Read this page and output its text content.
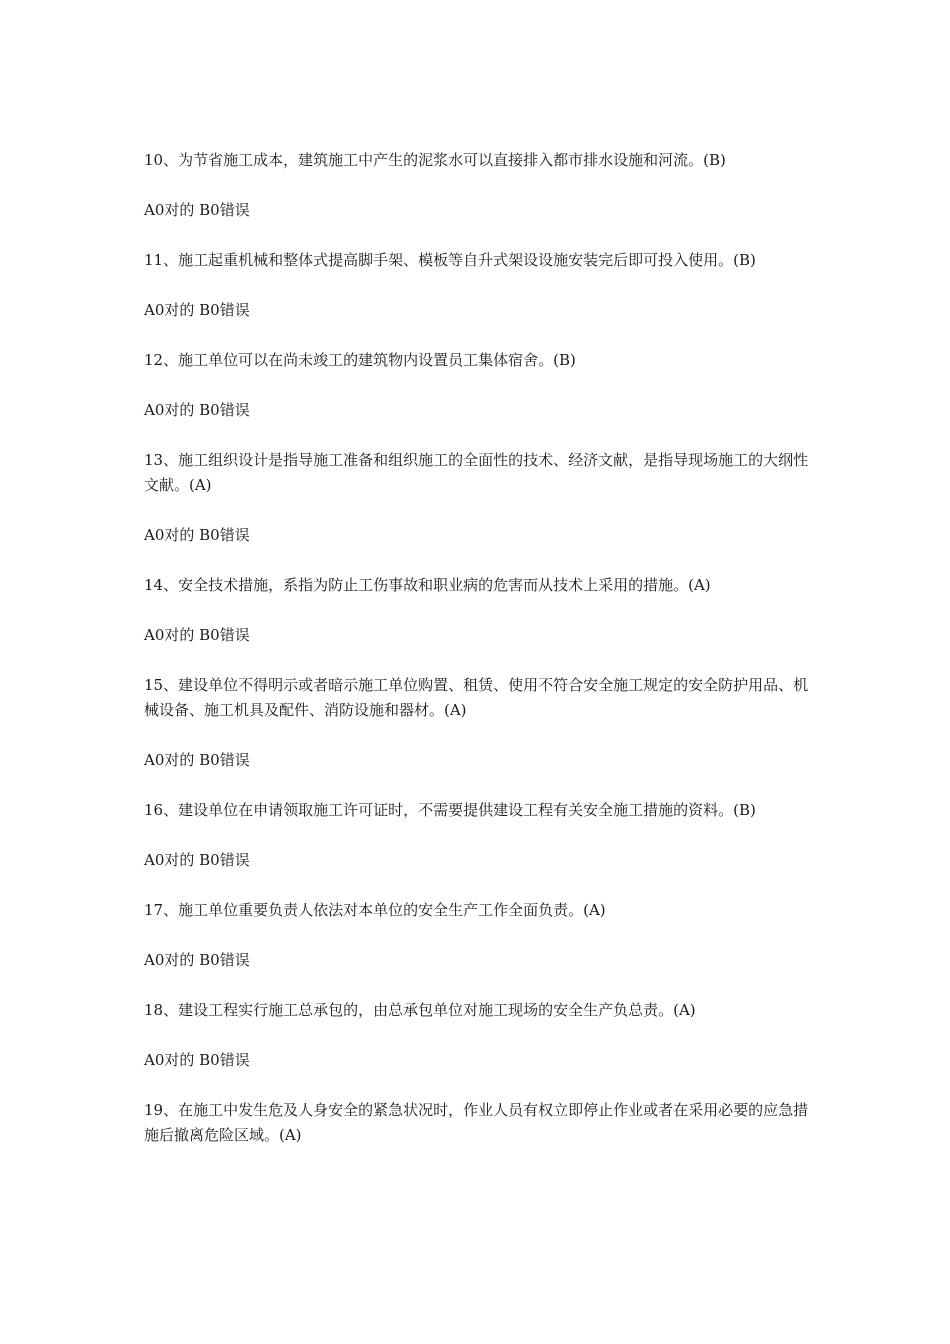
10、为节省施工成本，建筑施工中产生的泥浆水可以直接排入都市排水设施和河流。(B)

A0对的 B0错误

11、施工起重机械和整体式提高脚手架、模板等自升式架设设施安装完后即可投入使用。(B)

A0对的 B0错误

12、施工单位可以在尚未竣工的建筑物内设置员工集体宿舍。(B)

A0对的 B0错误

13、施工组织设计是指导施工准备和组织施工的全面性的技术、经济文献，是指导现场施工的大纲性文献。(A)

A0对的 B0错误

14、安全技术措施，系指为防止工伤事故和职业病的危害而从技术上采用的措施。(A)

A0对的 B0错误

15、建设单位不得明示或者暗示施工单位购置、租赁、使用不符合安全施工规定的安全防护用品、机械设备、施工机具及配件、消防设施和器材。(A)

A0对的 B0错误

16、建设单位在申请领取施工许可证时，不需要提供建设工程有关安全施工措施的资料。(B)

A0对的 B0错误

17、施工单位重要负责人依法对本单位的安全生产工作全面负责。(A)

A0对的 B0错误

18、建设工程实行施工总承包的，由总承包单位对施工现场的安全生产负总责。(A)

A0对的 B0错误

19、在施工中发生危及人身安全的紧急状况时，作业人员有权立即停止作业或者在采用必要的应急措施后撤离危险区域。(A)
